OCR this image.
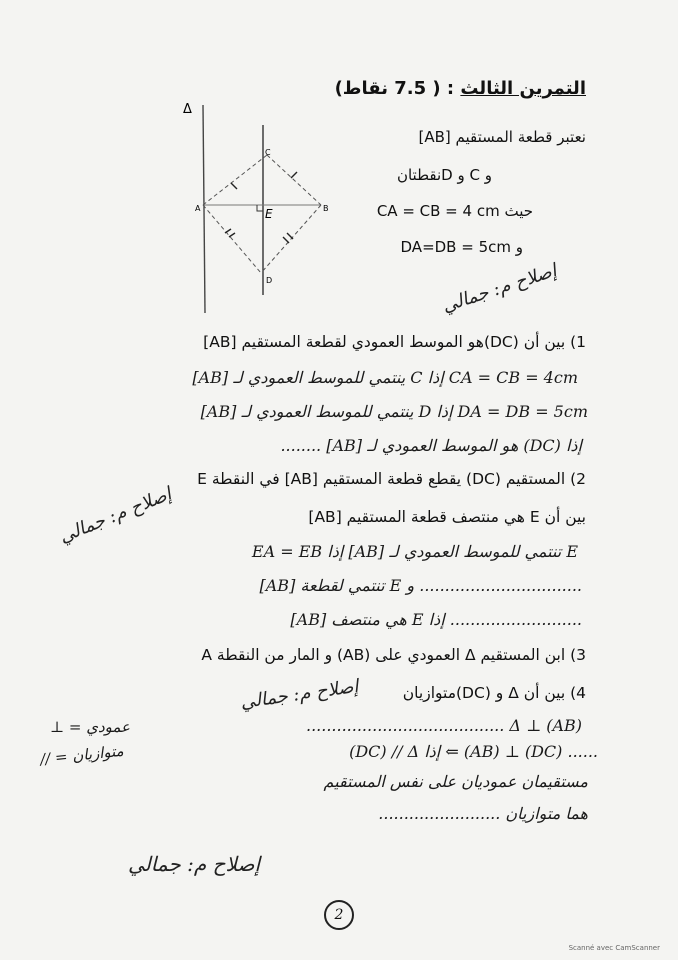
التمرين الثالث : ( 7.5 نقاط)
نعتبر قطعة المستقيم [AB]
و C و Dنقطتان
CA = CB = 4 cm حيث
DA=DB = 5cm و
Δ
A	B
C
D
E
إصلاح م: جمالي
1) بين أن (DC)هو الموسط العمودي لقطعة المستقيم [AB]
[AB] ينتمي للموسط العمودي لـ C إذا CA = CB = 4cm
[AB] ينتمي للموسط العمودي لـ D إذا DA = DB = 5cm
إذا (DC) هو الموسط العمودي لـ [AB] ........
2) المستقيم (DC) يقطع قطعة المستقيم [AB] في النقطة E
بين أن E هي منتصف قطعة المستقيم [AB]
إصلاح م: جمالي
EA = EB إذا [AB] تنتمي للموسط العمودي لـ E
................................ و E تنتمي لقطعة [AB]
.......................... إذا E هي منتصف [AB]
3) ابن المستقيم Δ العمودي على (AB) و المار من النقطة A
4) بين أن Δ و (DC)متوازيان
إصلاح م: جمالي
عمودي = ⊥
متوازيان = //
....................................... Δ ⊥ (AB)
(DC) // Δ إذا ⇐ (AB) ⊥ (DC) ......
مستقيمان عموديان على نفس المستقيم
هما متوازيان ........................
إصلاح م: جمالي
2
Scanné avec CamScanner
